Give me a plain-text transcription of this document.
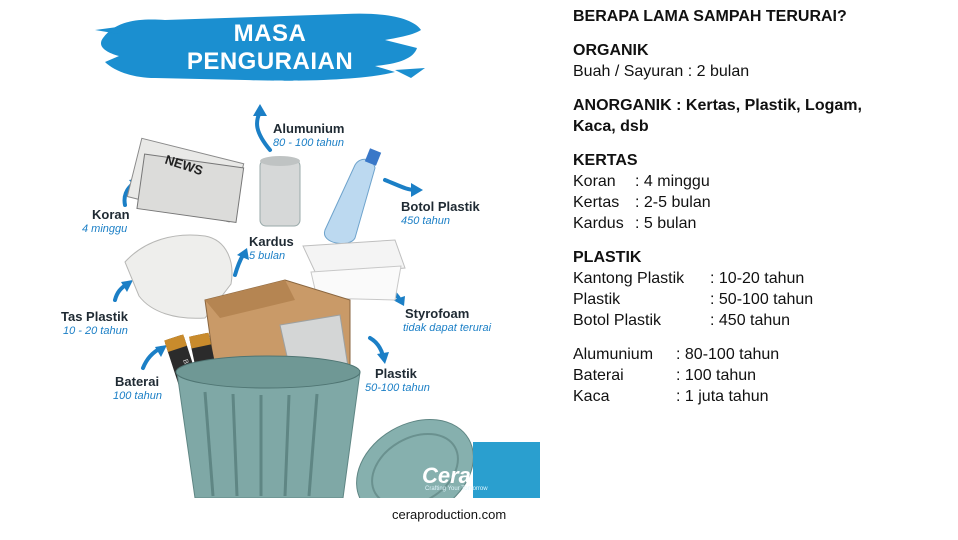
MASA PENGURAIAN
SAMPAH
NEWS
Alumunium
80 - 100 tahun
Botol Plastik
450 tahun
Koran
4 minggu
Kardus
5 bulan
Styrofoam
tidak dapat terurai
Tas Plastik
10 - 20 tahun
Plastik
50-100 tahun
Baterai
100 tahun
Cera
Crafting Your Tomorrow
ceraproduction.com
BERAPA LAMA SAMPAH TERURAI?
ORGANIK
Buah / Sayuran : 2 bulan
ANORGANIK : Kertas, Plastik, Logam,
Kaca, dsb
KERTAS
Koran	: 4 minggu
Kertas : 2-5 bulan
Kardus : 5 bulan
PLASTIK
Kantong Plastik	: 10-20 tahun
Plastik	: 50-100 tahun
Botol Plastik	: 450 tahun
Alumunium	: 80-100 tahun
Baterai	: 100 tahun
Kaca	: 1 juta tahun
